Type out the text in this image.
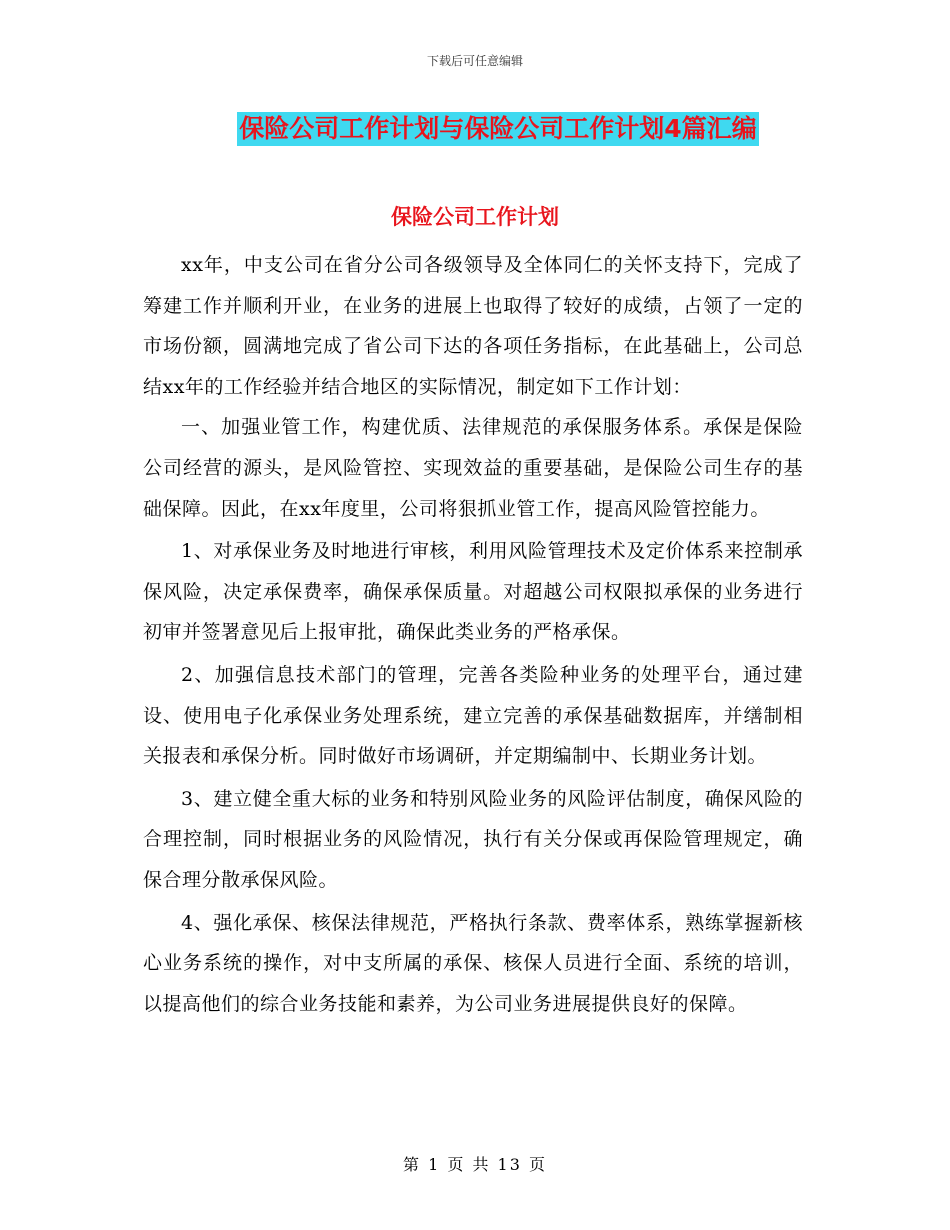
下载后可任意编辑
保险公司工作计划与保险公司工作计划4篇汇编
保险公司工作计划

xx年，中支公司在省分公司各级领导及全体同仁的关怀支持下，完成了筹建工作并顺利开业，在业务的进展上也取得了较好的成绩，占领了一定的市场份额，圆满地完成了省公司下达的各项任务指标，在此基础上，公司总结xx年的工作经验并结合地区的实际情况，制定如下工作计划：

一、加强业管工作，构建优质、法律规范的承保服务体系。承保是保险公司经营的源头，是风险管控、实现效益的重要基础，是保险公司生存的基础保障。因此，在xx年度里，公司将狠抓业管工作，提高风险管控能力。

1、对承保业务及时地进行审核，利用风险管理技术及定价体系来控制承保风险，决定承保费率，确保承保质量。对超越公司权限拟承保的业务进行初审并签署意见后上报审批，确保此类业务的严格承保。

2、加强信息技术部门的管理，完善各类险种业务的处理平台，通过建设、使用电子化承保业务处理系统，建立完善的承保基础数据库，并缮制相关报表和承保分析。同时做好市场调研，并定期编制中、长期业务计划。

3、建立健全重大标的业务和特别风险业务的风险评估制度，确保风险的合理控制，同时根据业务的风险情况，执行有关分保或再保险管理规定，确保合理分散承保风险。

4、强化承保、核保法律规范，严格执行条款、费率体系，熟练掌握新核心业务系统的操作，对中支所属的承保、核保人员进行全面、系统的培训，以提高他们的综合业务技能和素养，为公司业务进展提供良好的保障。

第 1 页 共 13 页
